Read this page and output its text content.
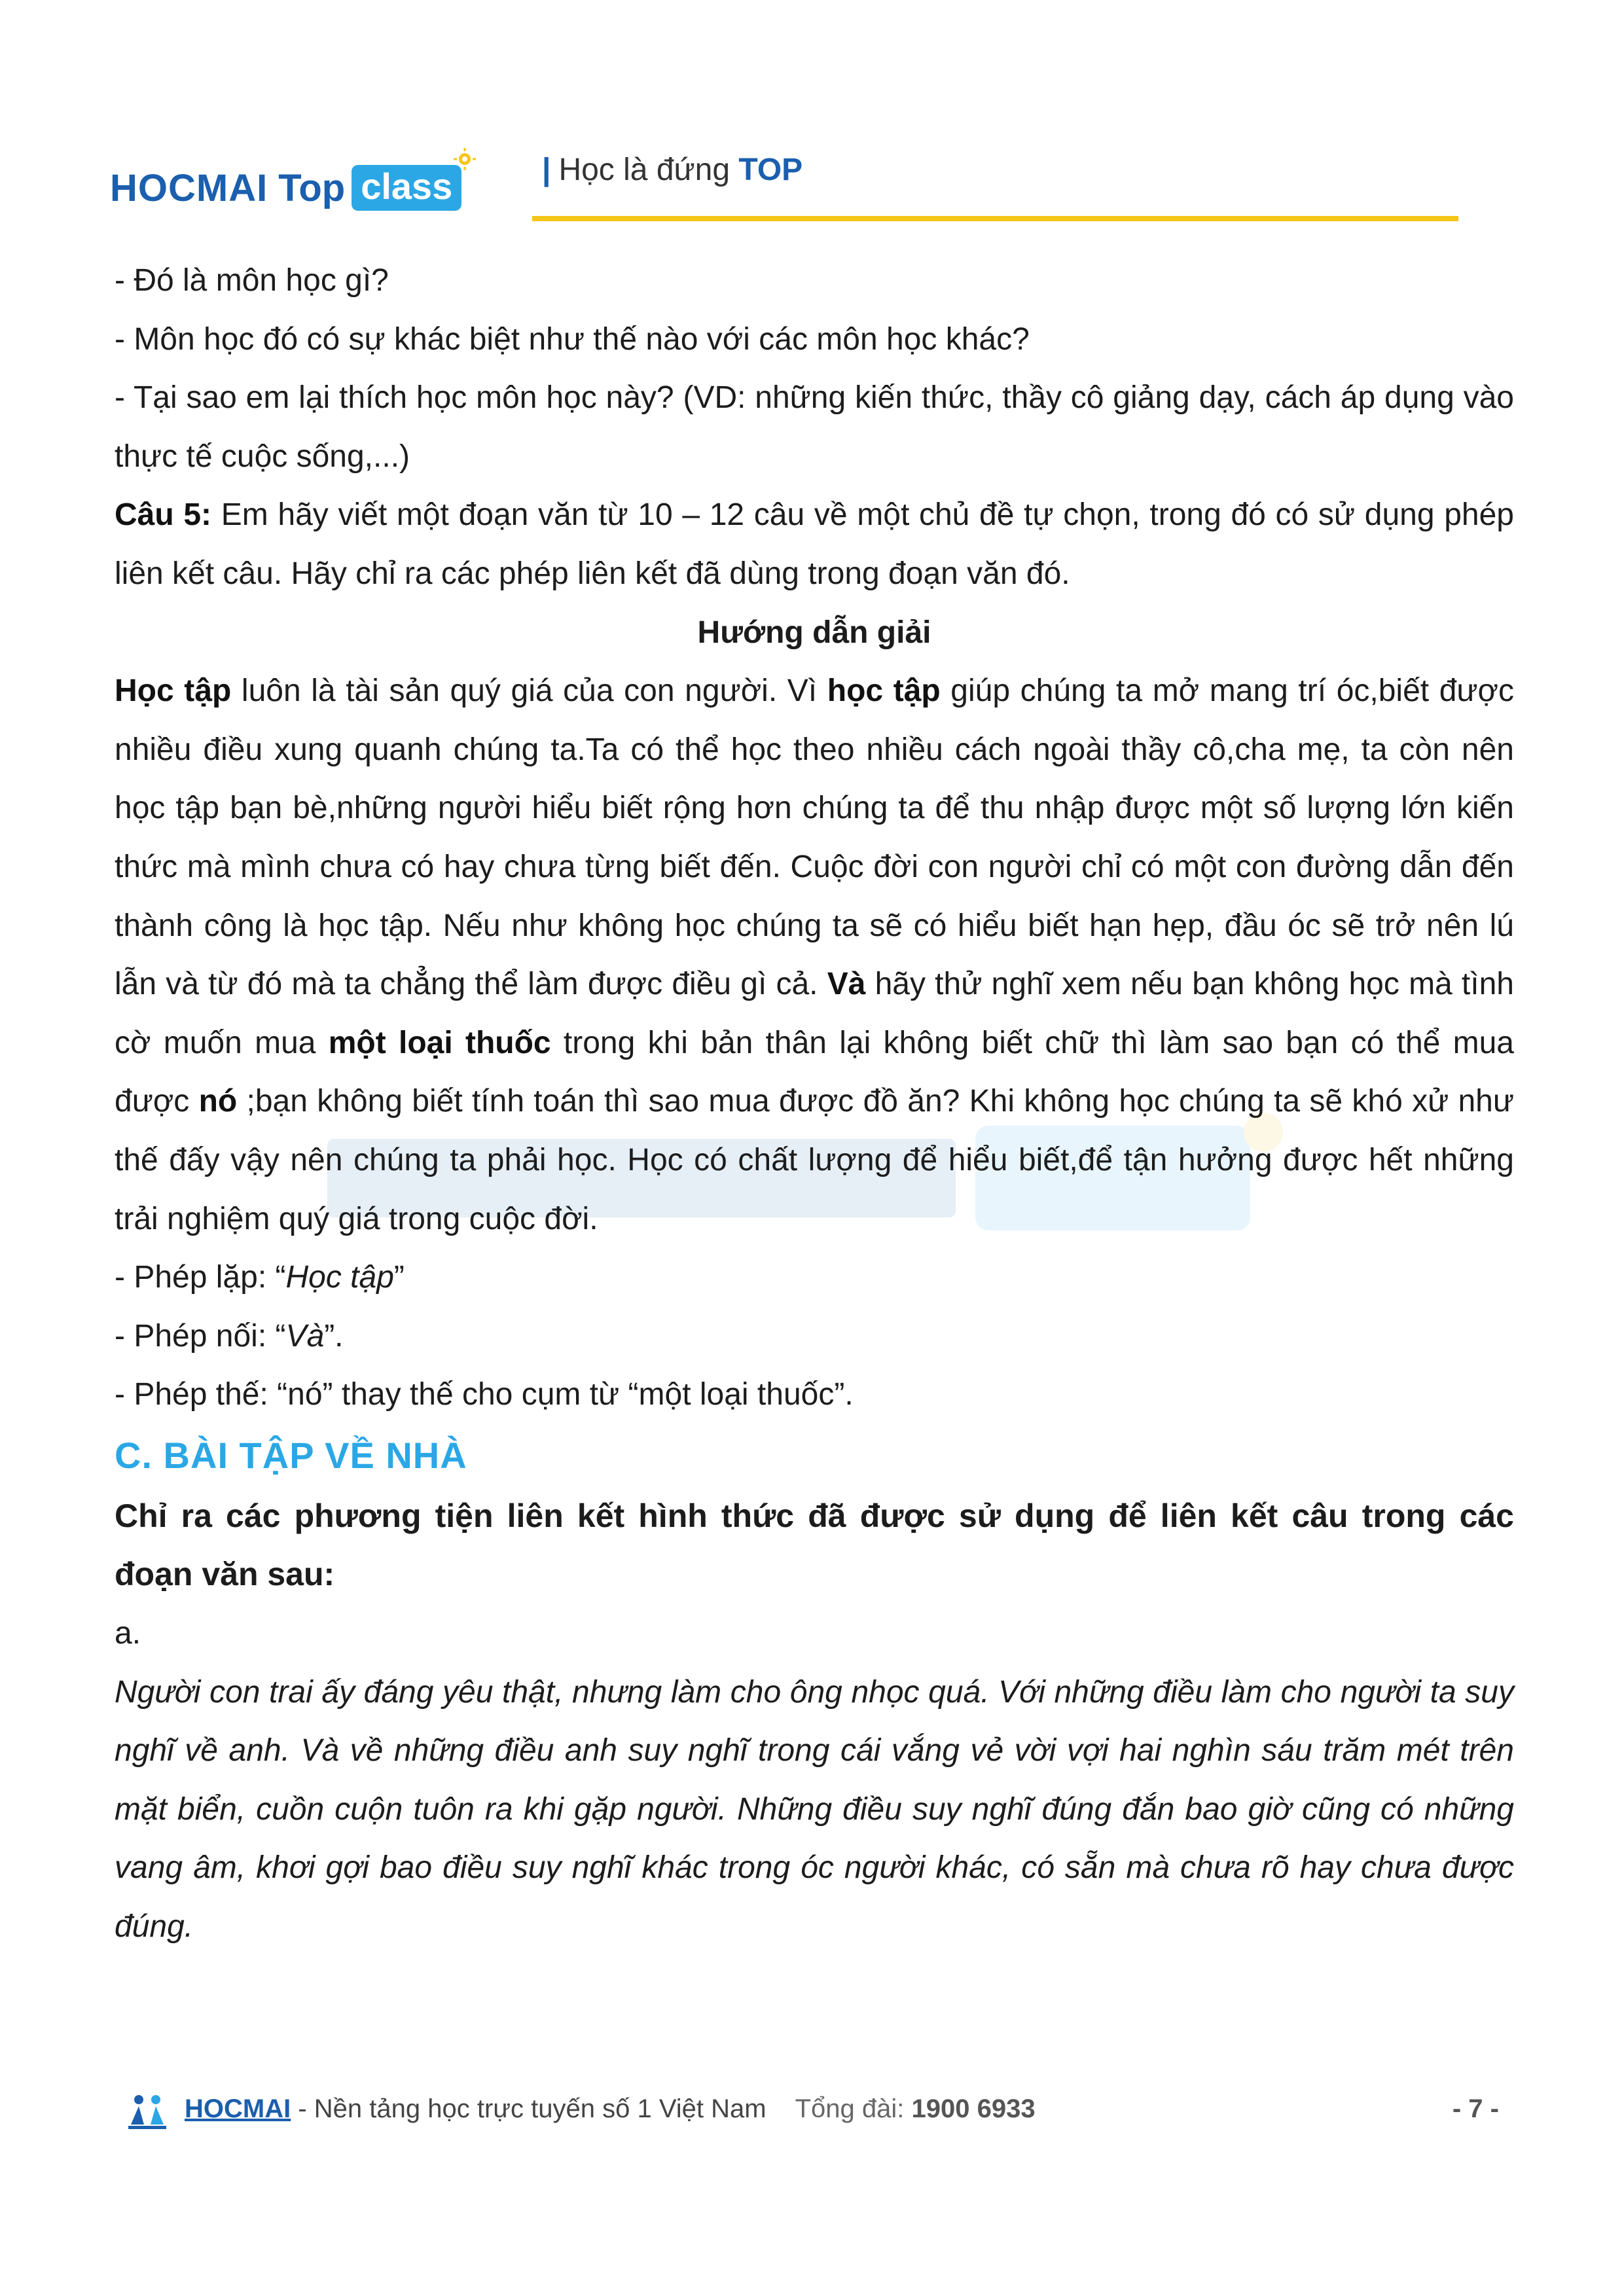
HOCMAI Top class	| Học là đứng TOP

- Đó là môn học gì?

- Môn học đó có sự khác biệt như thế nào với các môn học khác?

- Tại sao em lại thích học môn học này? (VD: những kiến thức, thầy cô giảng dạy, cách áp dụng vào thực tế cuộc sống,...)

Câu 5: Em hãy viết một đoạn văn từ 10 – 12 câu về một chủ đề tự chọn, trong đó có sử dụng phép liên kết câu. Hãy chỉ ra các phép liên kết đã dùng trong đoạn văn đó.

Hướng dẫn giải

Học tập luôn là tài sản quý giá của con người. Vì học tập giúp chúng ta mở mang trí óc,biết được nhiều điều xung quanh chúng ta.Ta có thể học theo nhiều cách ngoài thầy cô,cha mẹ, ta còn nên học tập bạn bè,những người hiểu biết rộng hơn chúng ta để thu nhập được một số lượng lớn kiến thức mà mình chưa có hay chưa từng biết đến. Cuộc đời con người chỉ có một con đường dẫn đến thành công là học tập. Nếu như không học chúng ta sẽ có hiểu biết hạn hẹp, đầu óc sẽ trở nên lú lẫn và từ đó mà ta chẳng thể làm được điều gì cả. Và hãy thử nghĩ xem nếu bạn không học mà tình cờ muốn mua một loại thuốc trong khi bản thân lại không biết chữ thì làm sao bạn có thể mua được nó ;bạn không biết tính toán thì sao mua được đồ ăn? Khi không học chúng ta sẽ khó xử như thế đấy vậy nên chúng ta phải học. Học có chất lượng để hiểu biết,để tận hưởng được hết những trải nghiệm quý giá trong cuộc đời.

- Phép lặp: “Học tập”

- Phép nối: “Và”.

- Phép thế: “nó” thay thế cho cụm từ “một loại thuốc”.

C. BÀI TẬP VỀ NHÀ

Chỉ ra các phương tiện liên kết hình thức đã được sử dụng để liên kết câu trong các đoạn văn sau:

a.

Người con trai ấy đáng yêu thật, nhưng làm cho ông nhọc quá. Với những điều làm cho người ta suy nghĩ về anh. Và về những điều anh suy nghĩ trong cái vắng vẻ vời vợi hai nghìn sáu trăm mét trên mặt biển, cuồn cuộn tuôn ra khi gặp người. Những điều suy nghĩ đúng đắn bao giờ cũng có những vang âm, khơi gợi bao điều suy nghĩ khác trong óc người khác, có sẵn mà chưa rõ hay chưa được đúng.

HOCMAI - Nền tảng học trực tuyến số 1 Việt Nam Tổng đài: 1900 6933	- 7 -
